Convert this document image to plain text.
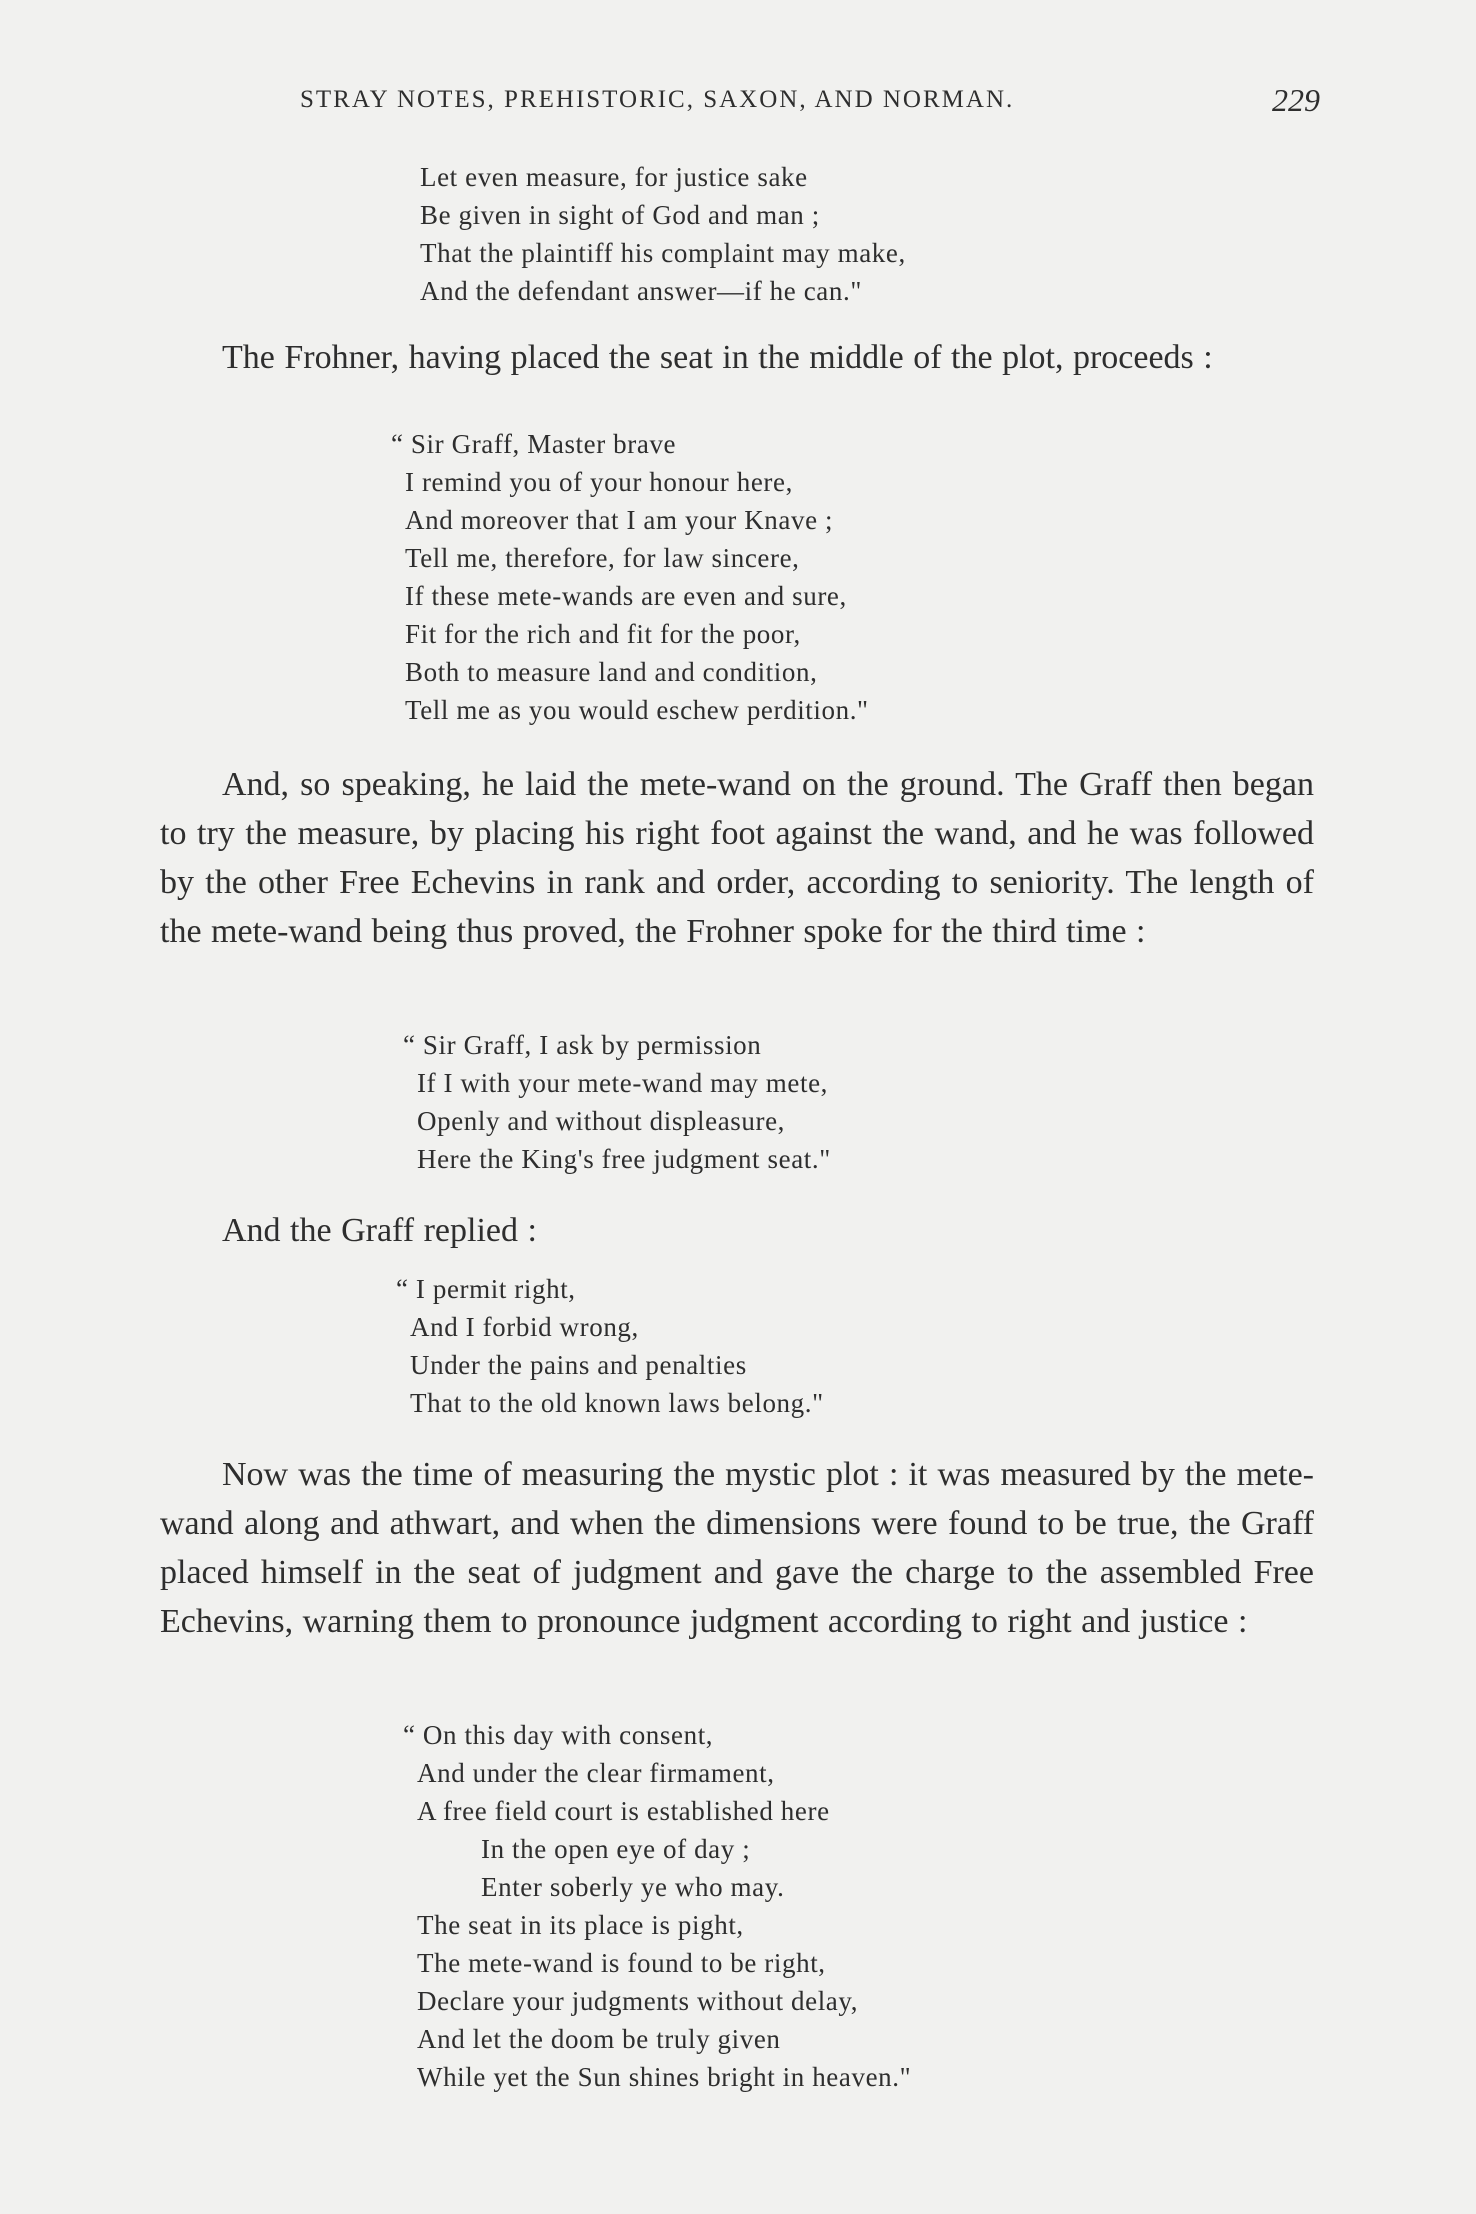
STRAY NOTES, PREHISTORIC, SAXON, AND NORMAN.	229
Let even measure, for justice sake
Be given in sight of God and man ;
That the plaintiff his complaint may make,
And the defendant answer—if he can."

The Frohner, having placed the seat in the middle of the plot, proceeds :

“ Sir Graff, Master brave
I remind you of your honour here,
And moreover that I am your Knave ;
Tell me, therefore, for law sincere,
If these mete-wands are even and sure,
Fit for the rich and fit for the poor,
Both to measure land and condition,
Tell me as you would eschew perdition."

And, so speaking, he laid the mete-wand on the ground. The Graff then began to try the measure, by placing his right foot against the wand, and he was followed by the other Free Echevins in rank and order, according to seniority. The length of the mete-wand being thus proved, the Frohner spoke for the third time :

“ Sir Graff, I ask by permission
If I with your mete-wand may mete,
Openly and without displeasure,
Here the King's free judgment seat."

And the Graff replied :

“ I permit right,
And I forbid wrong,
Under the pains and penalties
That to the old known laws belong."

Now was the time of measuring the mystic plot : it was measured by the mete-wand along and athwart, and when the dimensions were found to be true, the Graff placed himself in the seat of judgment and gave the charge to the assembled Free Echevins, warning them to pronounce judgment according to right and justice :

“ On this day with consent,
And under the clear firmament,
A free field court is established here
In the open eye of day ;
Enter soberly ye who may.
The seat in its place is pight,
The mete-wand is found to be right,
Declare your judgments without delay,
And let the doom be truly given
While yet the Sun shines bright in heaven."
